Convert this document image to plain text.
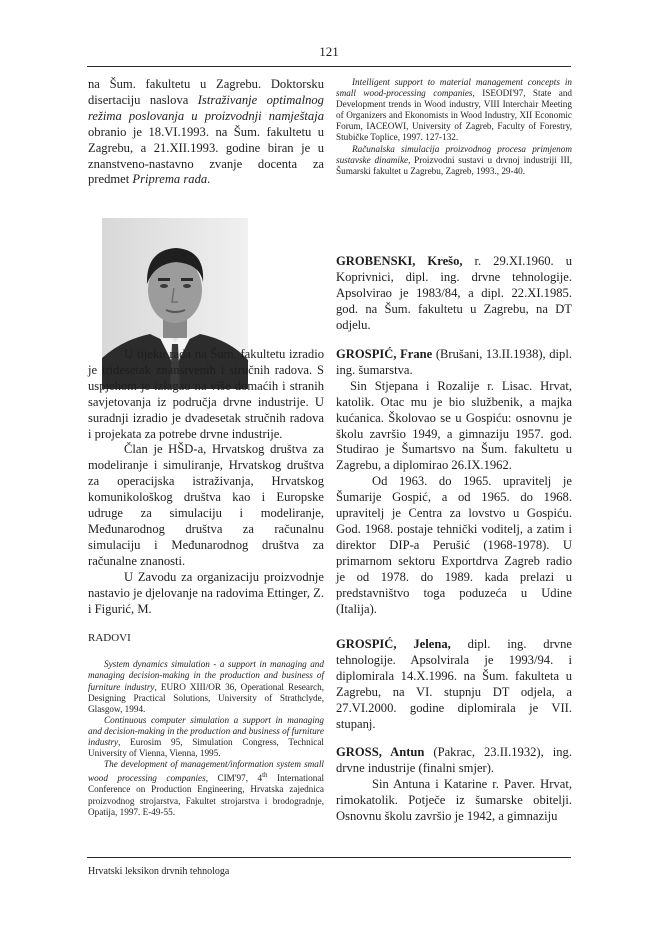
121

na Šum. fakultetu u Zagrebu. Doktorsku disertaciju naslova Istraživanje optimalnog režima poslovanja u proizvodnji namještaja obranio je 18.VI.1993. na Šum. fakultetu u Zagrebu, a 21.XII.1993. godine biran je u znanstveno-nastavno zvanje docenta za predmet Priprema rada.

U tijeku rada na Šum. fakultetu izradio je tridesetak znanstvenih i stručnih radova. S uspjehom je izlagao na više domaćih i stranih savjetovanja iz područja drvne industrije. U suradnji izradio je dvadesetak stručnih radova i projekata za potrebe drvne industrije.

Član je HŠD-a, Hrvatskog društva za modeliranje i simuliranje, Hrvatskog društva za operacijska istraživanja, Hrvatskog komunikološkog društva kao i Europske udruge za simulaciju i modeliranje, Međunarodnog društva za računalnu simulaciju i Međunarodnog društva za računalne znanosti.

U Zavodu za organizaciju proizvodnje nastavio je djelovanje na radovima Ettinger, Z. i Figurić, M.

RADOVI

System dynamics simulation - a support in managing and managing decision-making in the production and business of furniture industry, EURO XIII/OR 36, Operational Research, Designing Practical Solutions, University of Strathclyde, Glasgow, 1994.

Continuous computer simulation a support in managing and decision-making in the production and business of furniture industry, Eurosim 95, Simulation Congress, Technical University of Vienna, Vienna, 1995.

The development of management/information system small wood processing companies, CIM'97, 4th International Conference on Production Engineering, Hrvatska zajednica proizvodnog strojarstva, Fakultet strojarstva i brodogradnje, Opatija, 1997. E-49-55.

Intelligent support to material management concepts in small wood-processing companies, ISEODI'97, State and Development trends in Wood industry, VIII Interchair Meeting of Organizers and Ekonomists in Wood Industry, XII Economic Forum, IACEOWI, University of Zagreb, Faculty of Forestry, Stubičke Toplice, 1997. 127-132.

Računalska simulacija proizvodnog procesa primjenom sustavske dinamike, Proizvodni sustavi u drvnoj industriji III, Šumarski fakultet u Zagrebu, Zagreb, 1993., 29-40.

GROBENSKI, Krešo, r. 29.XI.1960. u Koprivnici, dipl. ing. drvne tehnologije. Apsolvirao je 1983/84, a dipl. 22.XI.1985. god. na Šum. fakultetu u Zagrebu, na DT odjelu.

GROSPIĆ, Frane (Brušani, 13.II.1938), dipl. ing. šumarstva.

Sin Stjepana i Rozalije r. Lisac. Hrvat, katolik. Otac mu je bio službenik, a majka kućanica. Školovao se u Gospiću: osnovnu je školu završio 1949, a gimnaziju 1957. god. Studirao je Šumartsvo na Šum. fakultetu u Zagrebu, a diplomirao 26.IX.1962.

Od 1963. do 1965. upravitelj je Šumarije Gospić, a od 1965. do 1968. upravitelj je Centra za lovstvo u Gospiću. God. 1968. postaje tehnički voditelj, a zatim i direktor DIP-a Perušić (1968-1978). U primarnom sektoru Exportdrva Zagreb radio je od 1978. do 1989. kada prelazi u predstavništvo toga poduzeća u Udine (Italija).

GROSPIĆ, Jelena, dipl. ing. drvne tehnologije. Apsolvirala je 1993/94. i diplomirala 14.X.1996. na Šum. fakulteta u Zagrebu, na VI. stupnju DT odjela, a 27.VI.2000. godine diplomirala je VII. stupanj.

GROSS, Antun (Pakrac, 23.II.1932), ing. drvne industrije (finalni smjer).

Sin Antuna i Katarine r. Paver. Hrvat, rimokatolik. Potječe iz šumarske obitelji. Osnovnu školu završio je 1942, a gimnaziju

Hrvatski leksikon drvnih tehnologa
